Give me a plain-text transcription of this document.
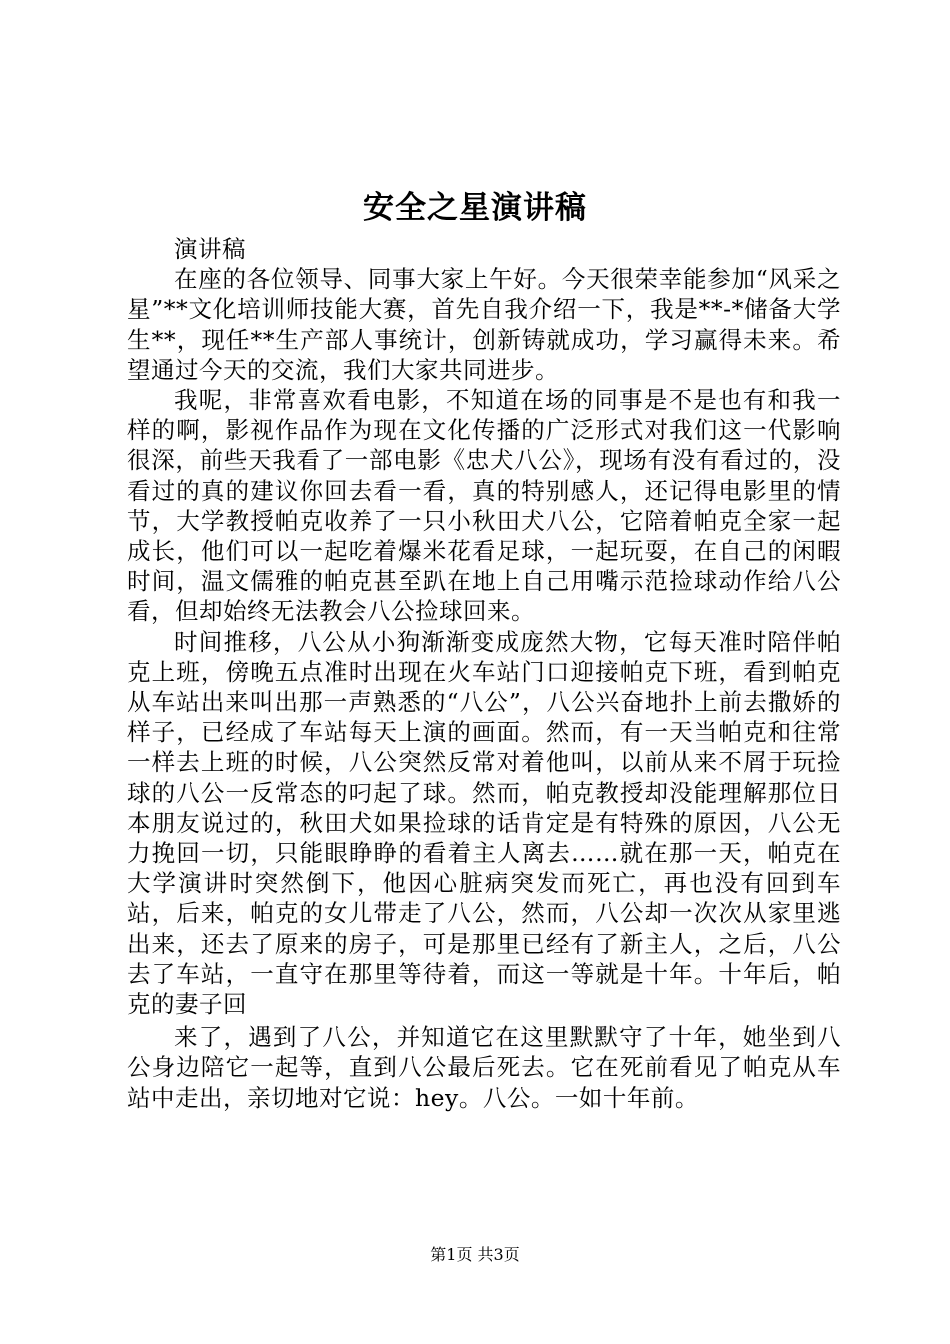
安全之星演讲稿

演讲稿

在座的各位领导、同事大家上午好。今天很荣幸能参加“风采之星”**文化培训师技能大赛，首先自我介绍一下，我是**-*储备大学生**，现任**生产部人事统计，创新铸就成功，学习赢得未来。希望通过今天的交流，我们大家共同进步。

我呢，非常喜欢看电影，不知道在场的同事是不是也有和我一样的啊，影视作品作为现在文化传播的广泛形式对我们这一代影响很深，前些天我看了一部电影《忠犬八公》，现场有没有看过的，没看过的真的建议你回去看一看，真的特别感人，还记得电影里的情节，大学教授帕克收养了一只小秋田犬八公，它陪着帕克全家一起成长，他们可以一起吃着爆米花看足球，一起玩耍，在自己的闲暇时间，温文儒雅的帕克甚至趴在地上自己用嘴示范捡球动作给八公看，但却始终无法教会八公捡球回来。

时间推移，八公从小狗渐渐变成庞然大物，它每天准时陪伴帕克上班，傍晚五点准时出现在火车站门口迎接帕克下班，看到帕克从车站出来叫出那一声熟悉的“八公”，八公兴奋地扑上前去撒娇的样子，已经成了车站每天上演的画面。然而，有一天当帕克和往常一样去上班的时候，八公突然反常对着他叫，以前从来不屑于玩捡球的八公一反常态的叼起了球。然而，帕克教授却没能理解那位日本朋友说过的，秋田犬如果捡球的话肯定是有特殊的原因，八公无力挽回一切，只能眼睁睁的看着主人离去……就在那一天，帕克在大学演讲时突然倒下，他因心脏病突发而死亡，再也没有回到车站，后来，帕克的女儿带走了八公，然而，八公却一次次从家里逃出来，还去了原来的房子，可是那里已经有了新主人，之后，八公去了车站，一直守在那里等待着，而这一等就是十年。十年后，帕克的妻子回

来了，遇到了八公，并知道它在这里默默守了十年，她坐到八公身边陪它一起等，直到八公最后死去。它在死前看见了帕克从车站中走出，亲切地对它说：hey。八公。一如十年前。

第1页 共3页
